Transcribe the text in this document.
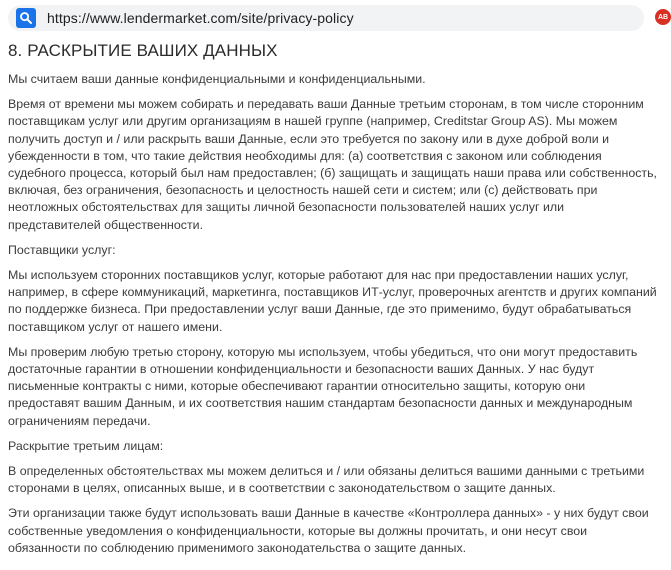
https://www.lendermarket.com/site/privacy-policy	AB
8. РАСКРЫТИЕ ВАШИХ ДАННЫХ

Мы считаем ваши данные конфиденциальными и конфиденциальными.

Время от времени мы можем собирать и передавать ваши Данные третьим сторонам, в том числе сторонним поставщикам услуг или другим организациям в нашей группе (например, Creditstar Group AS). Мы можем получить доступ и / или раскрыть ваши Данные, если это требуется по закону или в духе доброй воли и убежденности в том, что такие действия необходимы для: (а) соответствия с законом или соблюдения судебного процесса, который был нам предоставлен; (б) защищать и защищать наши права или собственность, включая, без ограничения, безопасность и целостность нашей сети и систем; или (с) действовать при неотложных обстоятельствах для защиты личной безопасности пользователей наших услуг или представителей общественности.

Поставщики услуг:

Мы используем сторонних поставщиков услуг, которые работают для нас при предоставлении наших услуг, например, в сфере коммуникаций, маркетинга, поставщиков ИТ-услуг, проверочных агентств и других компаний по поддержке бизнеса. При предоставлении услуг ваши Данные, где это применимо, будут обрабатываться поставщиком услуг от нашего имени.

Мы проверим любую третью сторону, которую мы используем, чтобы убедиться, что они могут предоставить достаточные гарантии в отношении конфиденциальности и безопасности ваших Данных. У нас будут письменные контракты с ними, которые обеспечивают гарантии относительно защиты, которую они предоставят вашим Данным, и их соответствия нашим стандартам безопасности данных и международным ограничениям передачи.

Раскрытие третьим лицам:

В определенных обстоятельствах мы можем делиться и / или обязаны делиться вашими данными с третьими сторонами в целях, описанных выше, и в соответствии с законодательством о защите данных.

Эти организации также будут использовать ваши Данные в качестве «Контроллера данных» - у них будут свои собственные уведомления о конфиденциальности, которые вы должны прочитать, и они несут свои обязанности по соблюдению применимого законодательства о защите данных.
